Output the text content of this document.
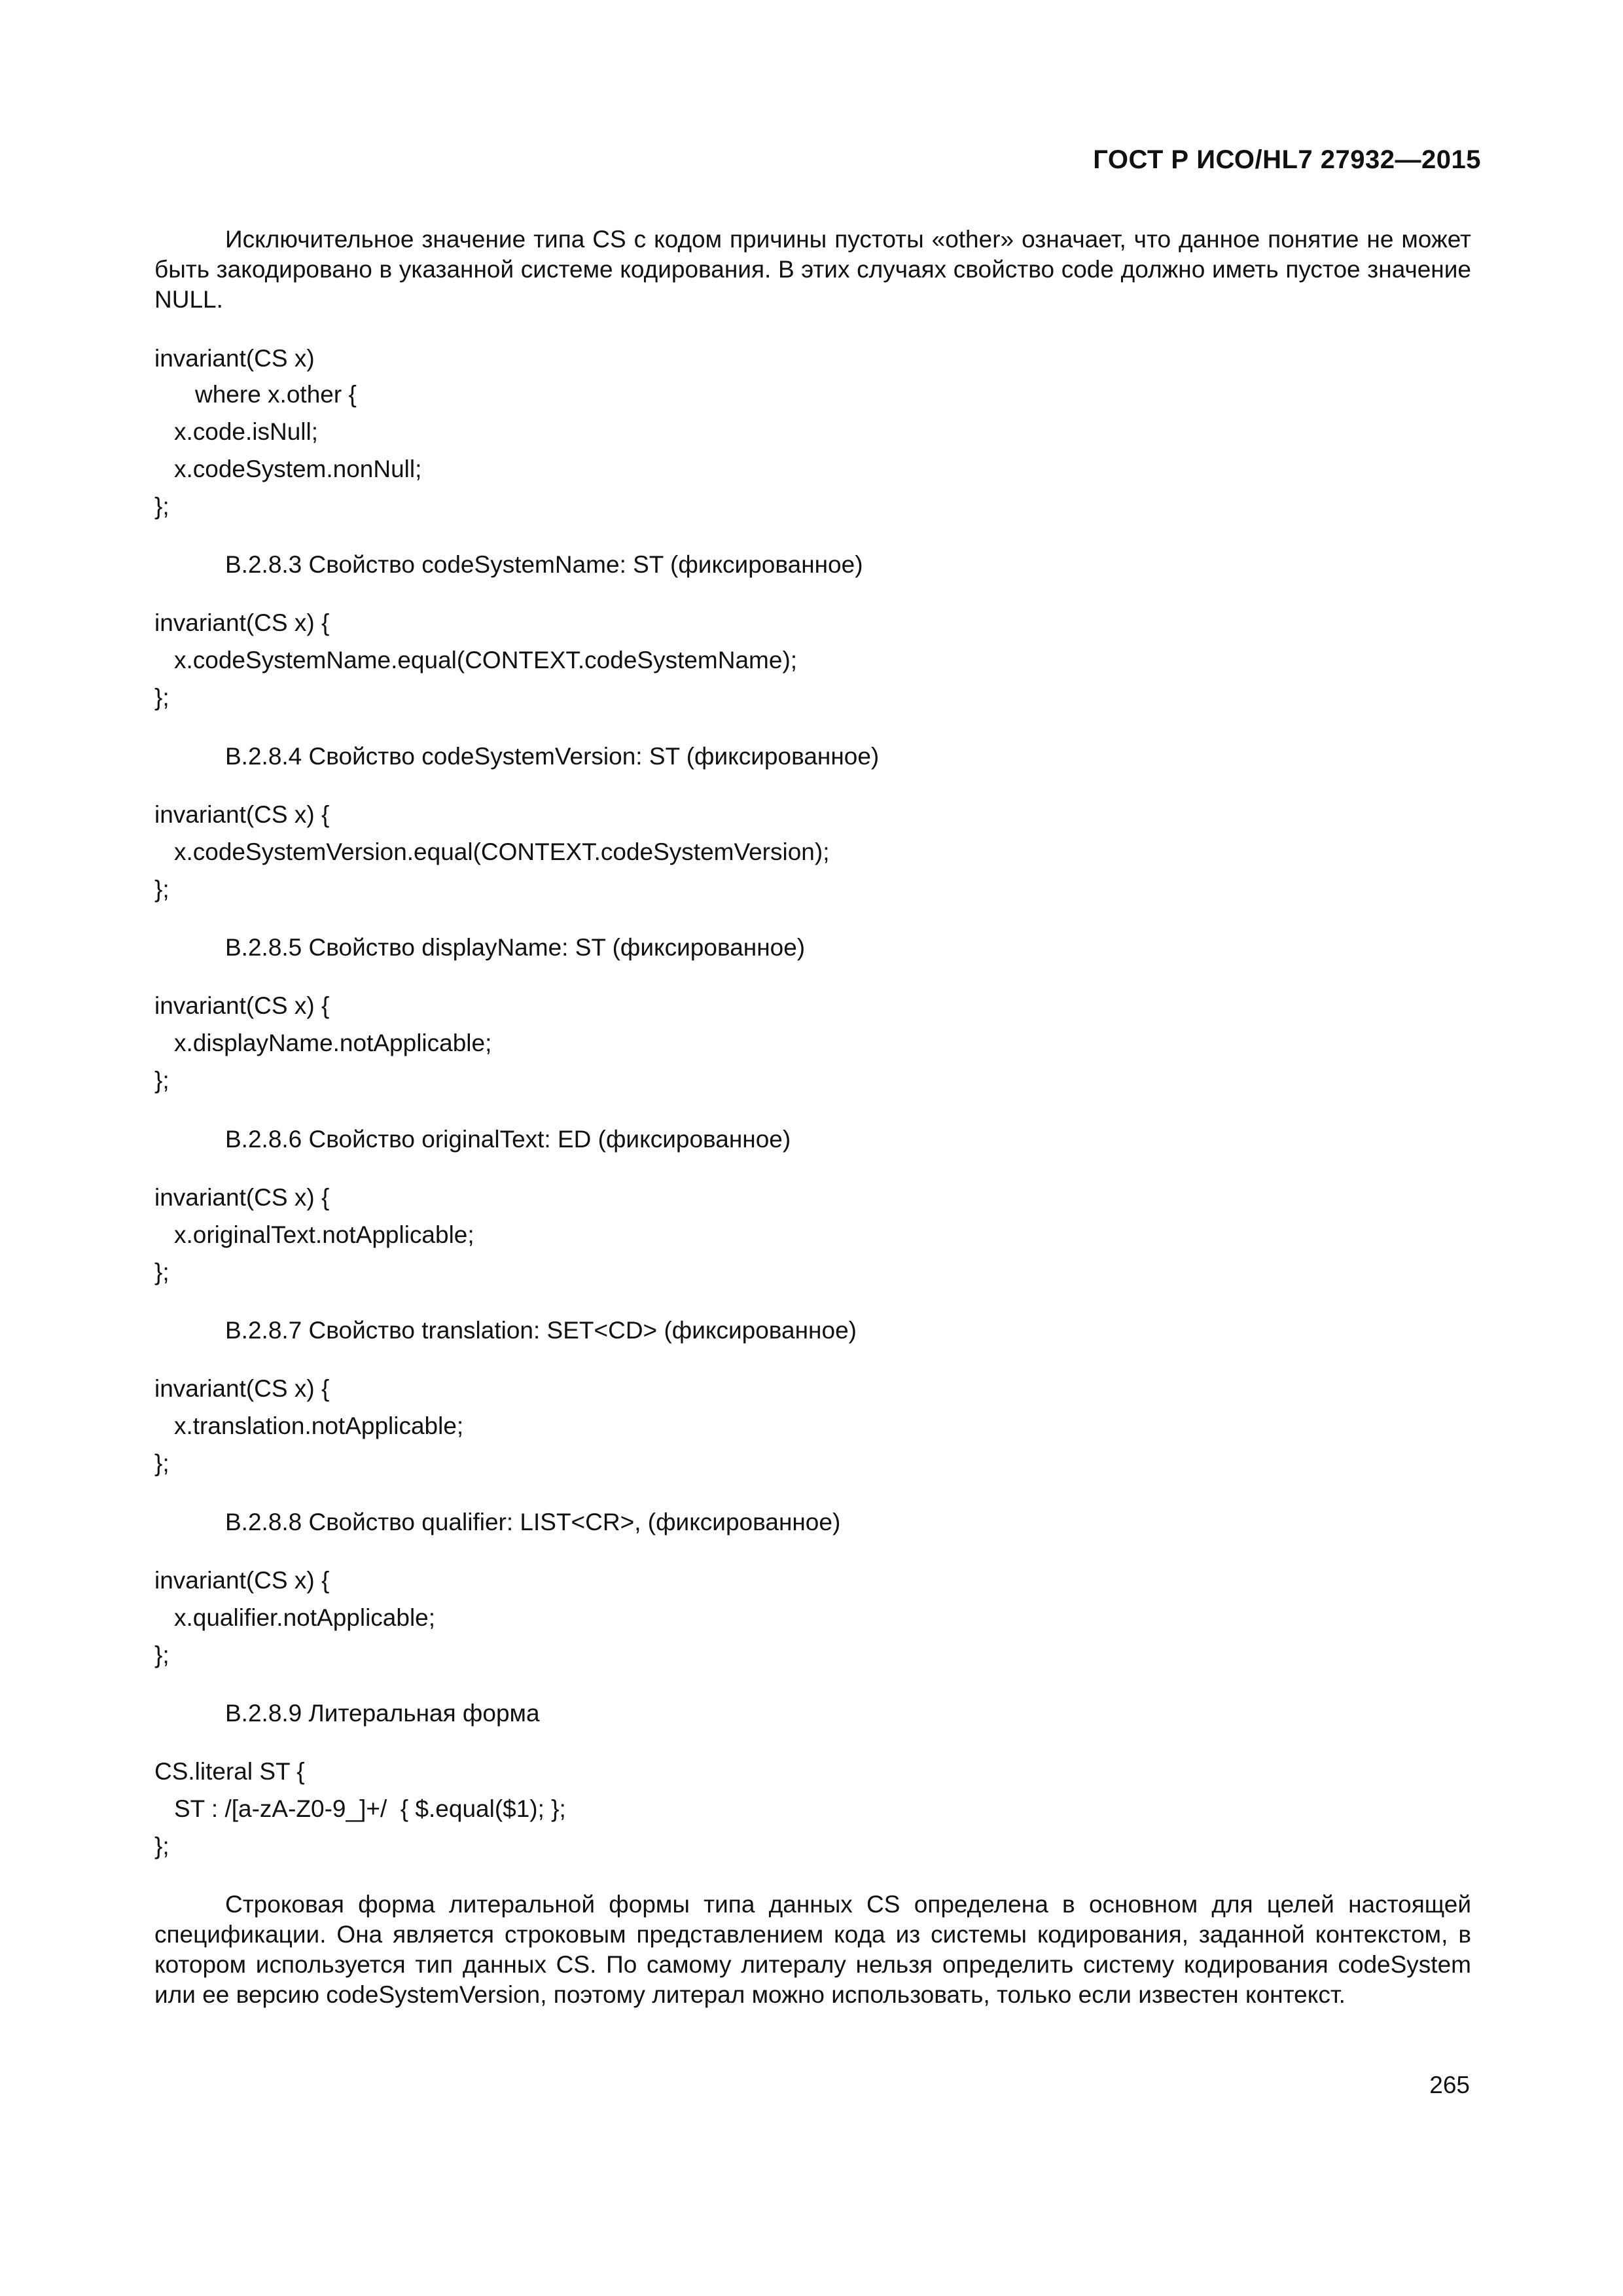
ГОСТ Р ИСО/HL7 27932—2015
Исключительное значение типа CS с кодом причины пустоты «other» означает, что данное понятие не может быть закодировано в указанной системе кодирования. В этих случаях свойство code должно иметь пустое значение NULL.
invariant(CS x)
where x.other {
x.code.isNull;
x.codeSystem.nonNull;
};
B.2.8.3 Свойство codeSystemName: ST (фиксированное)
invariant(CS x) {
x.codeSystemName.equal(CONTEXT.codeSystemName);
};
B.2.8.4 Свойство codeSystemVersion: ST (фиксированное)
invariant(CS x) {
x.codeSystemVersion.equal(CONTEXT.codeSystemVersion);
};
B.2.8.5 Свойство displayName: ST (фиксированное)
invariant(CS x) {
x.displayName.notApplicable;
};
B.2.8.6 Свойство originalText: ED (фиксированное)
invariant(CS x) {
x.originalText.notApplicable;
};
B.2.8.7 Свойство translation: SET<CD> (фиксированное)
invariant(CS x) {
x.translation.notApplicable;
};
B.2.8.8 Свойство qualifier: LIST<CR>, (фиксированное)
invariant(CS x) {
x.qualifier.notApplicable;
};
B.2.8.9 Литеральная форма
CS.literal ST {
ST : /[a-zA-Z0-9_]+/  { $.equal($1); };
};
Строковая форма литеральной формы типа данных CS определена в основном для целей настоящей спецификации. Она является строковым представлением кода из системы кодирования, заданной контекстом, в котором используется тип данных CS. По самому литералу нельзя определить систему кодирования codeSystem или ее версию codeSystemVersion, поэтому литерал можно использовать, только если известен контекст.
265
